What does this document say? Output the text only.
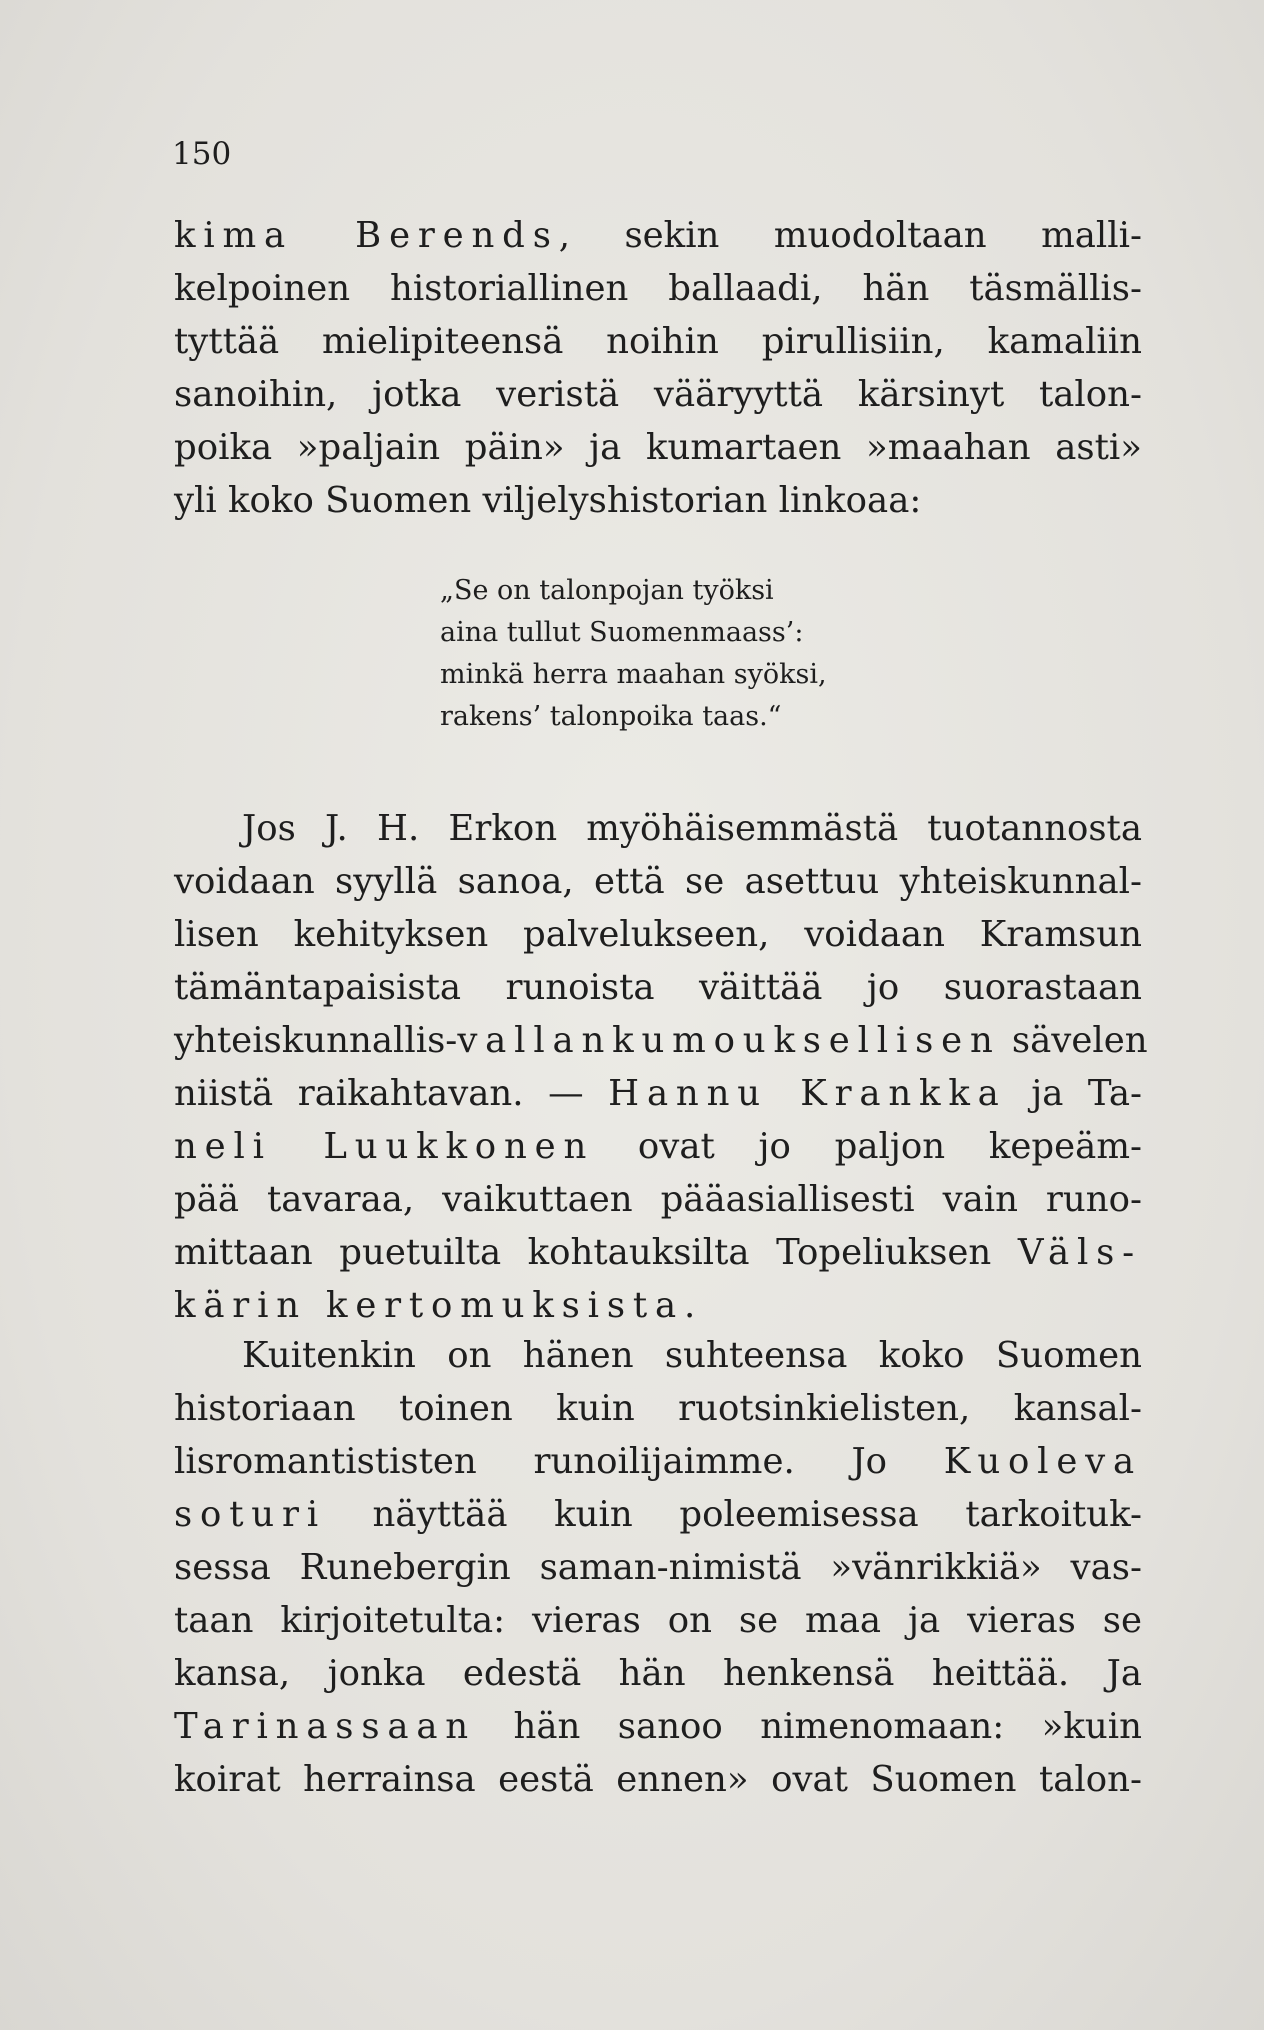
150
kima Berends, sekin muodoltaan malli-
kelpoinen historiallinen ballaadi, hän täsmällis-
tyttää mielipiteensä noihin pirullisiin, kamaliin
sanoihin, jotka veristä vääryyttä kärsinyt talon-
poika »paljain päin» ja kumartaen »maahan asti»
yli koko Suomen viljelyshistorian linkoaa:
„Se on talonpojan työksi
aina tullut Suomenmaass’:
minkä herra maahan syöksi,
rakens’ talonpoika taas.“
Jos J. H. Erkon myöhäisemmästä tuotannosta
voidaan syyllä sanoa, että se asettuu yhteiskunnal-
lisen kehityksen palvelukseen, voidaan Kramsun
tämäntapaisista runoista väittää jo suorastaan
yhteiskunnallis-vallankumouksellisen sävelen
niistä raikahtavan. — Hannu Krankka ja Ta-
neli Luukkonen ovat jo paljon kepeäm-
pää tavaraa, vaikuttaen pääasiallisesti vain runo-
mittaan puetuilta kohtauksilta Topeliuksen Väls-
kärin kertomuksista.
Kuitenkin on hänen suhteensa koko Suomen
historiaan toinen kuin ruotsinkielisten, kansal-
lisromantististen runoilijaimme. Jo Kuoleva
soturi näyttää kuin poleemisessa tarkoituk-
sessa Runebergin saman-nimistä »vänrikkiä» vas-
taan kirjoitetulta: vieras on se maa ja vieras se
kansa, jonka edestä hän henkensä heittää. Ja
Tarinassaan hän sanoo nimenomaan: »kuin
koirat herrainsa eestä ennen» ovat Suomen talon-
